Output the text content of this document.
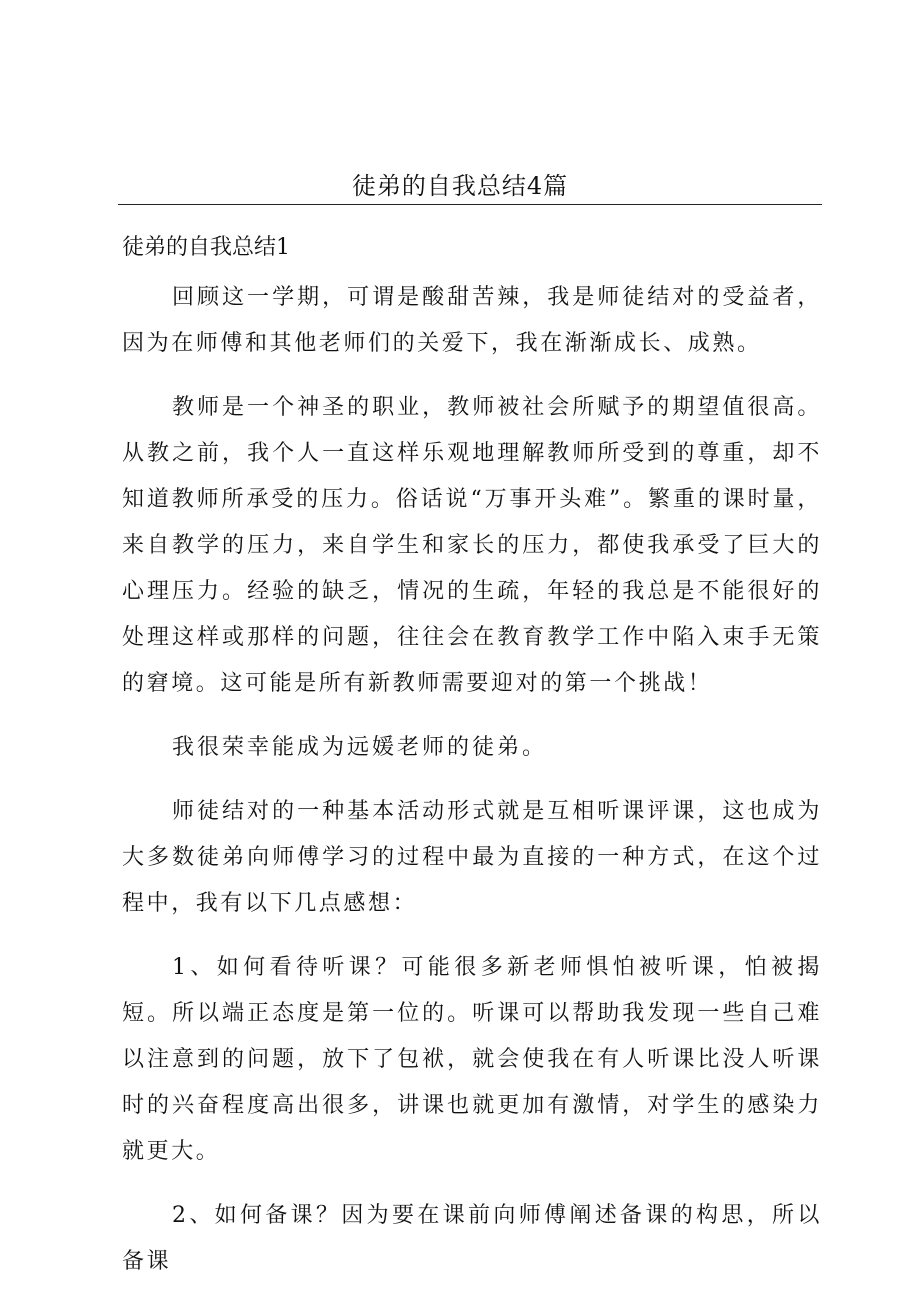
徒弟的自我总结4篇
徒弟的自我总结1

回顾这一学期，可谓是酸甜苦辣，我是师徒结对的受益者，因为在师傅和其他老师们的关爱下，我在渐渐成长、成熟。

教师是一个神圣的职业，教师被社会所赋予的期望值很高。从教之前，我个人一直这样乐观地理解教师所受到的尊重，却不知道教师所承受的压力。俗话说“万事开头难”。繁重的课时量，来自教学的压力，来自学生和家长的压力，都使我承受了巨大的心理压力。经验的缺乏，情况的生疏，年轻的我总是不能很好的处理这样或那样的问题，往往会在教育教学工作中陷入束手无策的窘境。这可能是所有新教师需要迎对的第一个挑战！

我很荣幸能成为远媛老师的徒弟。

师徒结对的一种基本活动形式就是互相听课评课，这也成为大多数徒弟向师傅学习的过程中最为直接的一种方式，在这个过程中，我有以下几点感想：

1、如何看待听课？可能很多新老师惧怕被听课，怕被揭短。所以端正态度是第一位的。听课可以帮助我发现一些自己难以注意到的问题，放下了包袱，就会使我在有人听课比没人听课时的兴奋程度高出很多，讲课也就更加有激情，对学生的感染力就更大。

2、如何备课？因为要在课前向师傅阐述备课的构思，所以备课
